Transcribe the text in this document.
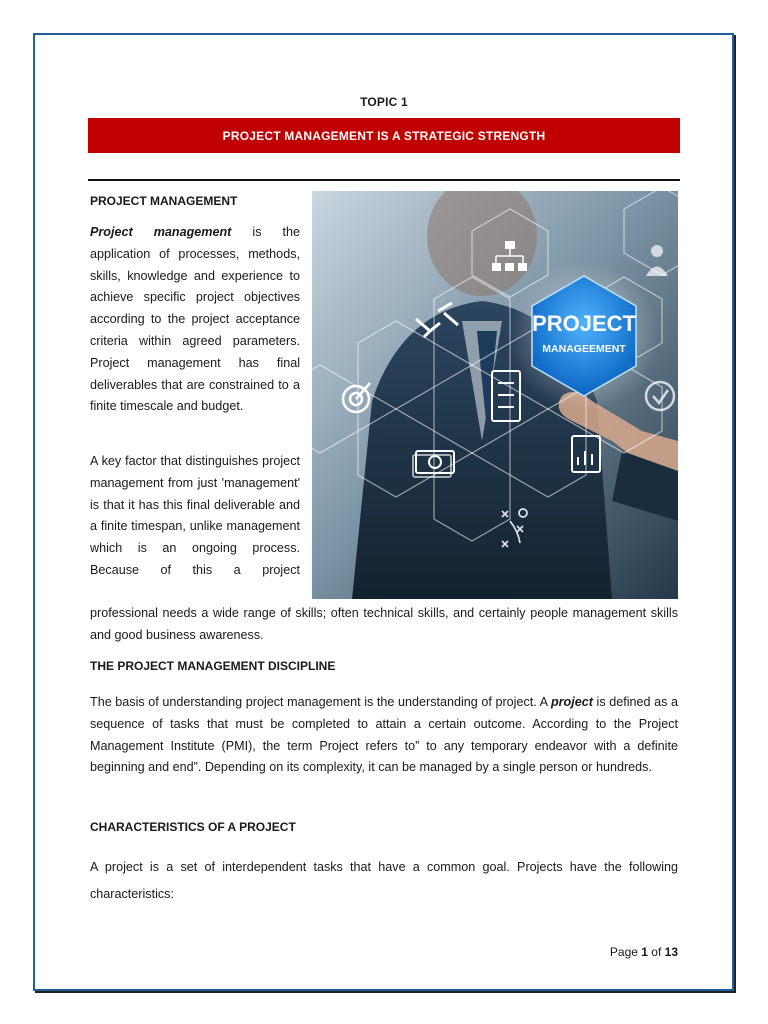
TOPIC 1
PROJECT MANAGEMENT IS A STRATEGIC STRENGTH
PROJECT MANAGEMENT

Project management is the application of processes, methods, skills, knowledge and experience to achieve specific project objectives according to the project acceptance criteria within agreed parameters. Project management has final deliverables that are constrained to a finite timescale and budget.

A key factor that distinguishes project management from just 'management' is that it has this final deliverable and a finite timespan, unlike management which is an ongoing process. Because of this a project

professional needs a wide range of skills; often technical skills, and certainly people management skills and good business awareness.

PROJECT
MANAGEEMENT
THE PROJECT MANAGEMENT DISCIPLINE

The basis of understanding project management is the understanding of project. A project is defined as a sequence of tasks that must be completed to attain a certain outcome. According to the Project Management Institute (PMI), the term Project refers to” to any temporary endeavor with a definite beginning and end”. Depending on its complexity, it can be managed by a single person or hundreds.

CHARACTERISTICS OF A PROJECT

A project is a set of interdependent tasks that have a common goal. Projects have the following characteristics:

Page 1 of 13
